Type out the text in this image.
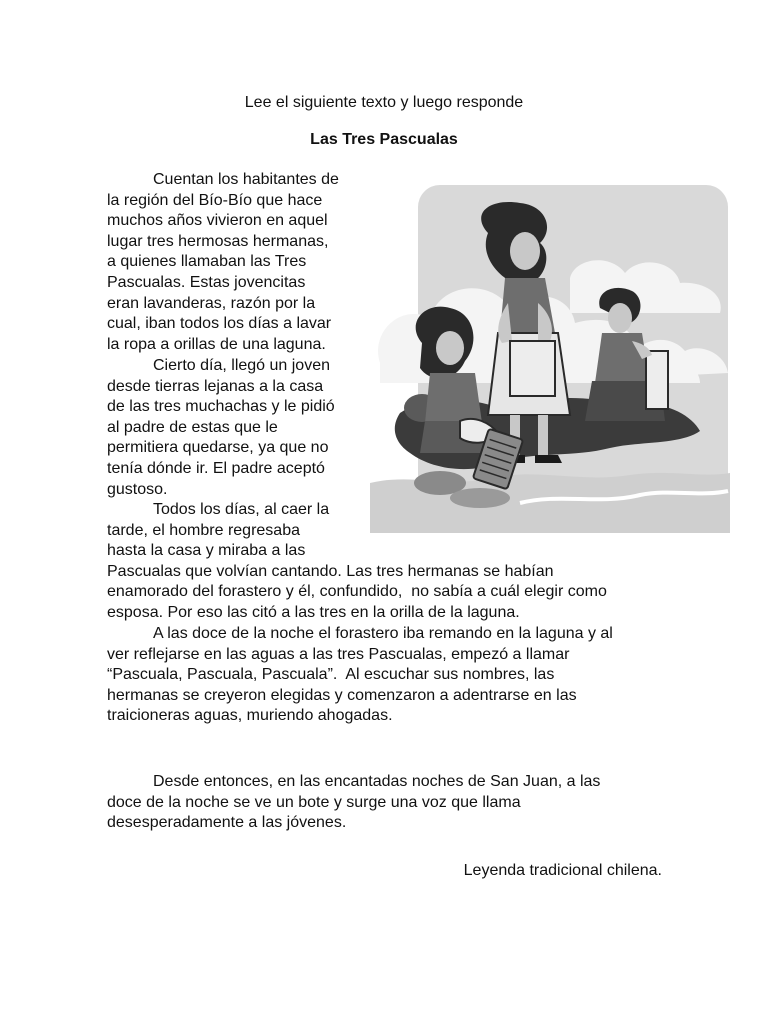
Lee el siguiente texto y luego responde
Las Tres Pascualas

Cuentan los habitantes de
la región del Bío-Bío que hace
muchos años vivieron en aquel
lugar tres hermosas hermanas,
a quienes llamaban las Tres
Pascualas. Estas jovencitas
eran lavanderas, razón por la
cual, iban todos los días a lavar
la ropa a orillas de una laguna.

Cierto día, llegó un joven
desde tierras lejanas a la casa
de las tres muchachas y le pidió
al padre de estas que le
permitiera quedarse, ya que no
tenía dónde ir. El padre aceptó
gustoso.

Todos los días, al caer la
tarde, el hombre regresaba
hasta la casa y miraba a las
Pascualas que volvían cantando. Las tres hermanas se habían
enamorado del forastero y él, confundido,  no sabía a cuál elegir como
esposa. Por eso las citó a las tres en la orilla de la laguna.

A las doce de la noche el forastero iba remando en la laguna y al
ver reflejarse en las aguas a las tres Pascualas, empezó a llamar
“Pascuala, Pascuala, Pascuala”.  Al escuchar sus nombres, las
hermanas se creyeron elegidas y comenzaron a adentrarse en las
traicioneras aguas, muriendo ahogadas.

Desde entonces, en las encantadas noches de San Juan, a las
doce de la noche se ve un bote y surge una voz que llama
desesperadamente a las jóvenes.

Leyenda tradicional chilena.
